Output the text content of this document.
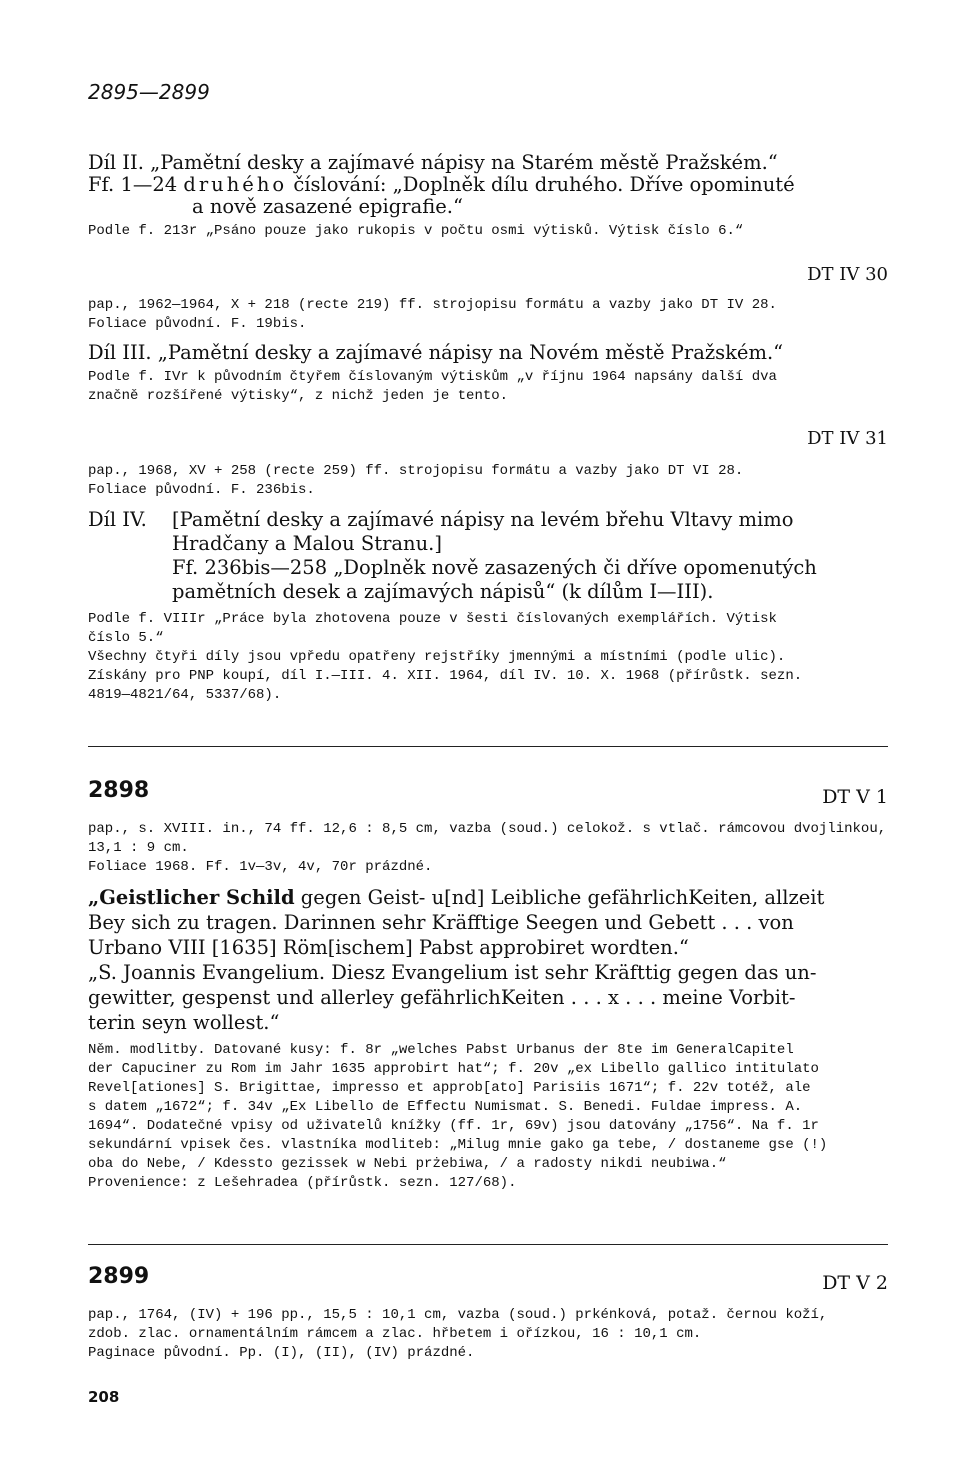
2895—2899

Díl II. „Pamětní desky a zajímavé nápisy na Starém městě Pražském.“

Ff. 1—24 druhého číslování: „Doplněk dílu druhého. Dříve opominuté

a nově zasazené epigrafie.“

Podle f. 213r „Psáno pouze jako rukopis v počtu osmi výtisků. Výtisk číslo 6.“

DT IV 30

pap., 1962—1964, X + 218 (recte 219) ff. strojopisu formátu a vazby jako DT IV 28.

Foliace původní. F. 19bis.

Díl III. „Pamětní desky a zajímavé nápisy na Novém městě Pražském.“

Podle f. IVr k původním čtyřem číslovaným výtiskům „v říjnu 1964 napsány další dva

značně rozšířené výtisky“, z nichž jeden je tento.

DT IV 31

pap., 1968, XV + 258 (recte 259) ff. strojopisu formátu a vazby jako DT VI 28.

Foliace původní. F. 236bis.

Díl IV.	[Pamětní desky a zajímavé nápisy na levém břehu Vltavy mimo
Hradčany a Malou Stranu.]
Ff. 236bis—258 „Doplněk nově zasazených či dříve opomenutých
pamětních desek a zajímavých nápisů“ (k dílům I—III).

Podle f. VIIIr „Práce byla zhotovena pouze v šesti číslovaných exemplářích. Výtisk

číslo 5.“

Všechny čtyři díly jsou vpředu opatřeny rejstříky jmennými a místními (podle ulic).

Získány pro PNP koupí, díl I.—III. 4. XII. 1964, díl IV. 10. X. 1968 (přírůstk. sezn.

4819—4821/64, 5337/68).

2898	DT V 1

pap., s. XVIII. in., 74 ff. 12,6 : 8,5 cm, vazba (soud.) celokož. s vtlač. rámcovou dvojlinkou,

13,1 : 9 cm.

Foliace 1968. Ff. 1v—3v, 4v, 70r prázdné.

„Geistlicher Schild gegen Geist- u[nd] Leibliche gefährlichKeiten, allzeit

Bey sich zu tragen. Darinnen sehr Kräfftige Seegen und Gebett . . . von

Urbano VIII [1635] Röm[ischem] Pabst approbiret wordten.“

„S. Joannis Evangelium. Diesz Evangelium ist sehr Kräfttig gegen das un-

gewitter, gespenst und allerley gefährlichKeiten . . . x . . . meine Vorbit-

terin seyn wollest.“

Něm. modlitby. Datované kusy: f. 8r „welches Pabst Urbanus der 8te im GeneralCapitel

der Capuciner zu Rom im Jahr 1635 approbirt hat“; f. 20v „ex Libello gallico intitulato

Revel[ationes] S. Brigittae, impresso et approb[ato] Parisiis 1671“; f. 22v totéž, ale

s datem „1672“; f. 34v „Ex Libello de Effectu Numismat. S. Benedi. Fuldae impress. A.

1694“. Dodatečné vpisy od uživatelů knížky (ff. 1r, 69v) jsou datovány „1756“. Na f. 1r

sekundární vpisek čes. vlastníka modliteb: „Milug mnie gako ga tebe, / dostaneme gse (!)

oba do Nebe, / Kdessto gezissek w Nebi prżebiwa, / a radosty nikdi neubiwa.“

Provenience: z Lešehradea (přírůstk. sezn. 127/68).

2899	DT V 2

pap., 1764, (IV) + 196 pp., 15,5 : 10,1 cm, vazba (soud.) prkénková, potaž. černou koží,

zdob. zlac. ornamentálním rámcem a zlac. hřbetem i ořízkou, 16 : 10,1 cm.

Paginace původní. Pp. (I), (II), (IV) prázdné.

208
